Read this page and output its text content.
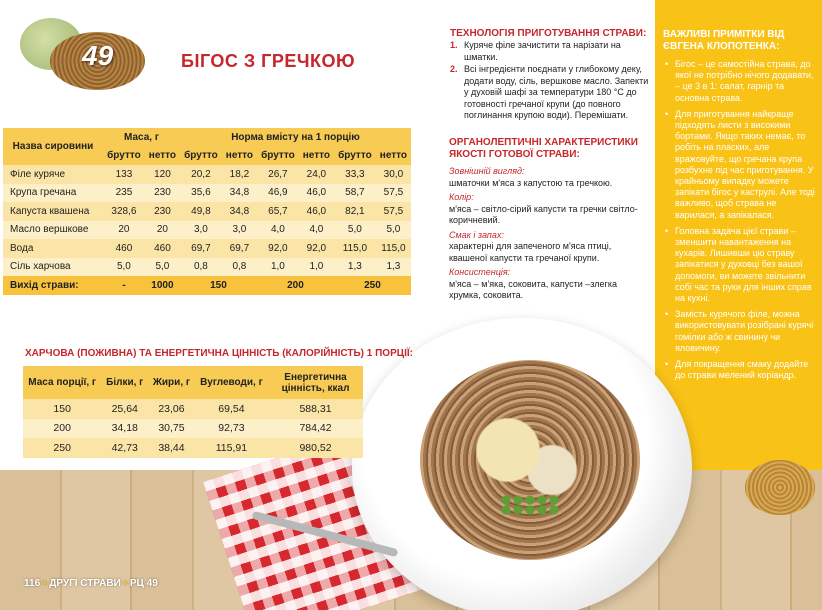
49	БІГОС З ГРЕЧКОЮ
Назва сировини	Маса, г		Норма вмісту на 1 порцію					
	брутто	нетто	брутто	нетто	брутто	нетто	брутто	нетто
Філе куряче	133	120	20,2	18,2	26,7	24,0	33,3	30,0
Крупа гречана	235	230	35,6	34,8	46,9	46,0	58,7	57,5
Капуста квашена	328,6	230	49,8	34,8	65,7	46,0	82,1	57,5
Масло вершкове	20	20	3,0	3,0	4,0	4,0	5,0	5,0
Вода	460	460	69,7	69,7	92,0	92,0	115,0	115,0
Сіль харчова	5,0	5,0	0,8	0,8	1,0	1,0	1,3	1,3
Вихід страви:	-	1000	150		200		250	
ХАРЧОВА (ПОЖИВНА) ТА ЕНЕРГЕТИЧНА ЦІННІСТЬ (КАЛОРІЙНІСТЬ) 1 ПОРЦІЇ:
Маса порції, г	Білки, г	Жири, г	Вуглеводи, г	Енергетична цінність, ккал
150	25,64	23,06	69,54	588,31
200	34,18	30,75	92,73	784,42
250	42,73	38,44	115,91	980,52
ТЕХНОЛОГІЯ ПРИГОТУВАННЯ СТРАВИ:
1. Куряче філе зачистити та нарізати на шматки.
2. Всі інгредієнти поєднати у глибокому деку, додати воду, сіль, вершкове масло. Запекти у духовій шафі за температури 180 °С до готовності гречаної крупи (до повного поглинання крупою води). Перемішати.
ОРГАНОЛЕПТИЧНІ ХАРАКТЕРИСТИКИ ЯКОСТІ ГОТОВОЇ СТРАВИ:

Зовнішній вигляд:

шматочки м'яса з капустою та гречкою.

Колір:

м'яса – світло-сірий капусти та гречки світло- коричневий.

Смак і запах:

характерні для запеченого м'яса птиці, квашеної капусти та гречаної крупи.

Консистенція:

м'яса – м'яка, соковита, капусти –злегка хрумка, соковита.

ВАЖЛИВІ ПРИМІТКИ ВІД ЄВГЕНА КЛОПОТЕНКА:
• Бігос – це самостійна страва, до якої не потрібно нічого додавати, – це 3 в 1: салат, гарнір та основна страва.
• Для приготування найкраще підходять листи з високими бортами. Якщо таких немає, то робіть на пласких, але вражовуйте, що гречана крупа розбухне під час приготування. У крайньому випадку можете запікати бігос у каструлі. Але тоді важливо, щоб страва не варилася, а запікалася.
• Головна задача цієї страви – зменшити навантаження на кухарів. Лишивши цю страву запікатися у духовці без вашої допомоги, ви можете звільнити собі час та руки для інших справ на кухні.
• Замість курячого філе, можна використовувати розібрані курячі гомілки або ж свинину чи яловичину.
• Для покращення смаку додайте до страви мелений коріандр.
116 • ДРУГІ СТРАВИ • РЦ 49
